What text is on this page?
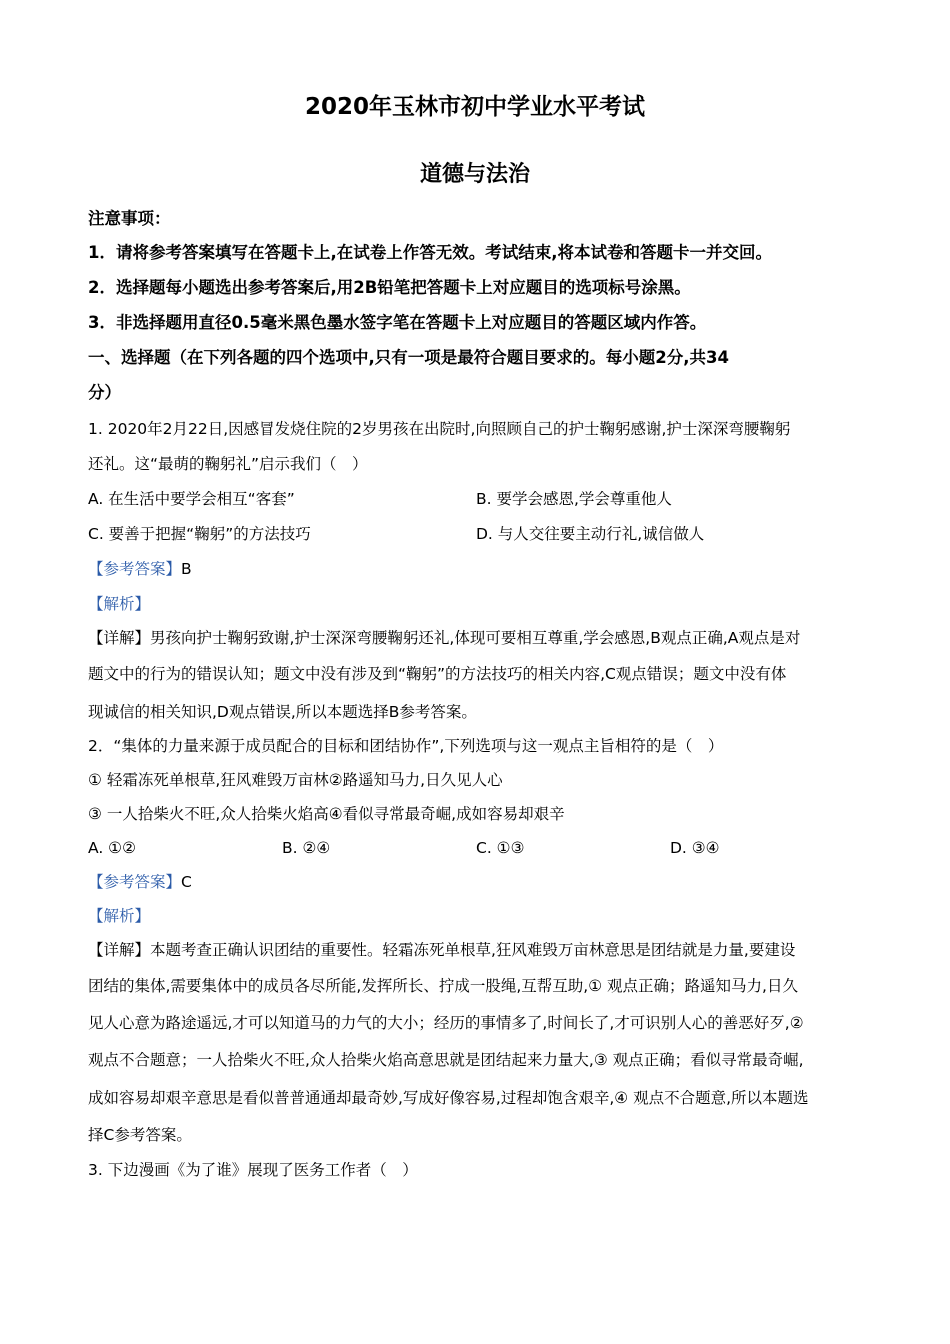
2020年玉林市初中学业水平考试
道德与法治
注意事项：
1．请将参考答案填写在答题卡上,在试卷上作答无效。考试结束,将本试卷和答题卡一并交回。
2．选择题每小题选出参考答案后,用2B铅笔把答题卡上对应题目的选项标号涂黑。
3．非选择题用直径0.5毫米黑色墨水签字笔在答题卡上对应题目的答题区域内作答。
一、选择题（在下列各题的四个选项中,只有一项是最符合题目要求的。每小题2分,共34
分）
1. 2020年2月22日,因感冒发烧住院的2岁男孩在出院时,向照顾自己的护士鞠躬感谢,护士深深弯腰鞠躬
还礼。这“最萌的鞠躬礼”启示我们（　）
A. 在生活中要学会相互“客套”	B. 要学会感恩,学会尊重他人
C. 要善于把握“鞠躬”的方法技巧	D. 与人交往要主动行礼,诚信做人
【参考答案】B
【解析】
【详解】男孩向护士鞠躬致谢,护士深深弯腰鞠躬还礼,体现可要相互尊重,学会感恩,B观点正确,A观点是对
题文中的行为的错误认知；题文中没有涉及到“鞠躬”的方法技巧的相关内容,C观点错误；题文中没有体
现诚信的相关知识,D观点错误,所以本题选择B参考答案。
2．“集体的力量来源于成员配合的目标和团结协作”,下列选项与这一观点主旨相符的是（　）
① 轻霜冻死单根草,狂风难毁万亩林②路遥知马力,日久见人心
③ 一人拾柴火不旺,众人拾柴火焰高④看似寻常最奇崛,成如容易却艰辛
A. ①②	B. ②④	C. ①③	D. ③④
【参考答案】C
【解析】
【详解】本题考查正确认识团结的重要性。轻霜冻死单根草,狂风难毁万亩林意思是团结就是力量,要建设
团结的集体,需要集体中的成员各尽所能,发挥所长、拧成一股绳,互帮互助,① 观点正确；路遥知马力,日久
见人心意为路途遥远,才可以知道马的力气的大小；经历的事情多了,时间长了,才可识别人心的善恶好歹,②
观点不合题意；一人拾柴火不旺,众人拾柴火焰高意思就是团结起来力量大,③ 观点正确；看似寻常最奇崛,
成如容易却艰辛意思是看似普普通通却最奇妙,写成好像容易,过程却饱含艰辛,④ 观点不合题意,所以本题选
择C参考答案。
3. 下边漫画《为了谁》展现了医务工作者（　）
